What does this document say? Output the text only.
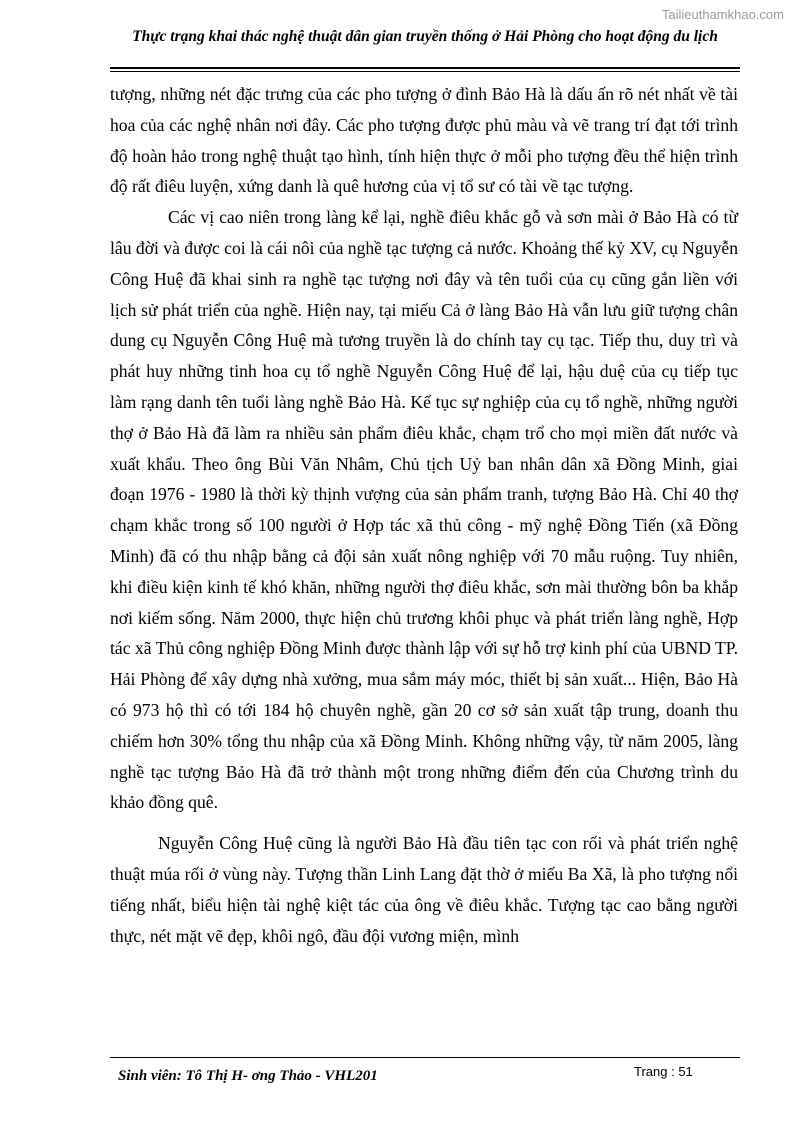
Tailieuthamkhao.com
Thực trạng khai thác nghệ thuật dân gian truyền thống ở Hải Phòng cho hoạt động du lịch

tượng, những nét đặc trưng của các pho tượng ở đình Bảo Hà là dấu ấn rõ nét nhất về tài hoa của các nghệ nhân nơi đây. Các pho tượng được phủ màu và vẽ trang trí đạt tới trình độ hoàn hảo trong nghệ thuật tạo hình, tính hiện thực ở mỗi pho tượng đều thể hiện trình độ rất điêu luyện, xứng danh là quê hương của vị tổ sư có tài về tạc tượng.

Các vị cao niên trong làng kể lại, nghề điêu khắc gỗ và sơn mài ở Bảo Hà có từ lâu đời và được coi là cái nôi của nghề tạc tượng cả nước. Khoảng thế kỷ XV, cụ Nguyễn Công Huệ đã khai sinh ra nghề tạc tượng nơi đây và tên tuổi của cụ cũng gắn liền với lịch sử phát triển của nghề. Hiện nay, tại miếu Cả ở làng Bảo Hà vẫn lưu giữ tượng chân dung cụ Nguyễn Công Huệ mà tương truyền là do chính tay cụ tạc. Tiếp thu, duy trì và phát huy những tinh hoa cụ tổ nghề Nguyễn Công Huệ để lại, hậu duệ của cụ tiếp tục làm rạng danh tên tuổi làng nghề Bảo Hà. Kế tục sự nghiệp của cụ tổ nghề, những người thợ ở Bảo Hà đã làm ra nhiều sản phẩm điêu khắc, chạm trổ cho mọi miền đất nước và xuất khẩu. Theo ông Bùi Văn Nhâm, Chủ tịch Uỷ ban nhân dân xã Đồng Minh, giai đoạn 1976 - 1980 là thời kỳ thịnh vượng của sản phẩm tranh, tượng Bảo Hà. Chỉ 40 thợ chạm khắc trong số 100 người ở Hợp tác xã thủ công - mỹ nghệ Đồng Tiến (xã Đồng Minh) đã có thu nhập bằng cả đội sản xuất nông nghiệp với 70 mẫu ruộng. Tuy nhiên, khi điều kiện kinh tế khó khăn, những người thợ điêu khắc, sơn mài thường bôn ba khắp nơi kiếm sống. Năm 2000, thực hiện chủ trương khôi phục và phát triển làng nghề, Hợp tác xã Thủ công nghiệp Đồng Minh được thành lập với sự hỗ trợ kinh phí của UBND TP. Hải Phòng để xây dựng nhà xưởng, mua sắm máy móc, thiết bị sản xuất... Hiện, Bảo Hà có 973 hộ thì có tới 184 hộ chuyên nghề, gần 20 cơ sở sản xuất tập trung, doanh thu chiếm hơn 30% tổng thu nhập của xã Đồng Minh. Không những vậy, từ năm 2005, làng nghề tạc tượng Bảo Hà đã trở thành một trong những điểm đến của Chương trình du khảo đồng quê.

Nguyễn Công Huệ cũng là người Bảo Hà đầu tiên tạc con rối và phát triển nghệ thuật múa rối ở vùng này. Tượng thần Linh Lang đặt thờ ở miếu Ba Xã, là pho tượng nổi tiếng nhất, biểu hiện tài nghệ kiệt tác của ông về điêu khắc. Tượng tạc cao bằng người thực, nét mặt vẽ đẹp, khôi ngô, đầu đội vương miện, mình

Sinh viên: Tô Thị H- ơng Thảo - VHL201	Trang : 51
